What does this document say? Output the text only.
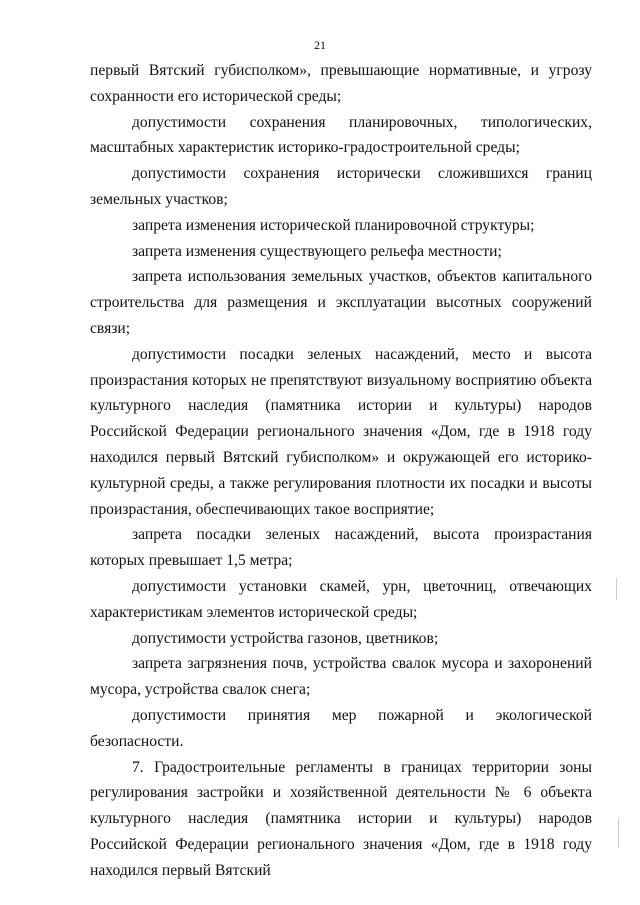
21

первый Вятский губисполком», превышающие нормативные, и угрозу сохранности его исторической среды;

допустимости сохранения планировочных, типологических, масштабных характеристик историко-градостроительной среды;

допустимости сохранения исторически сложившихся границ земельных участков;

запрета изменения исторической планировочной структуры;

запрета изменения существующего рельефа местности;

запрета использования земельных участков, объектов капитального строительства для размещения и эксплуатации высотных сооружений связи;

допустимости посадки зеленых насаждений, место и высота произрастания которых не препятствуют визуальному восприятию объекта культурного наследия (памятника истории и культуры) народов Российской Федерации регионального значения «Дом, где в 1918 году находился первый Вятский губисполком» и окружающей его историко-культурной среды, а также регулирования плотности их посадки и высоты произрастания, обеспечивающих такое восприятие;

запрета посадки зеленых насаждений, высота произрастания которых превышает 1,5 метра;

допустимости установки скамей, урн, цветочниц, отвечающих характеристикам элементов исторической среды;

допустимости устройства газонов, цветников;

запрета загрязнения почв, устройства свалок мусора и захоронений мусора, устройства свалок снега;

допустимости принятия мер пожарной и экологической безопасности.

7. Градостроительные регламенты в границах территории зоны регулирования застройки и хозяйственной деятельности № 6 объекта культурного наследия (памятника истории и культуры) народов Российской Федерации регионального значения «Дом, где в 1918 году находился первый Вятский
